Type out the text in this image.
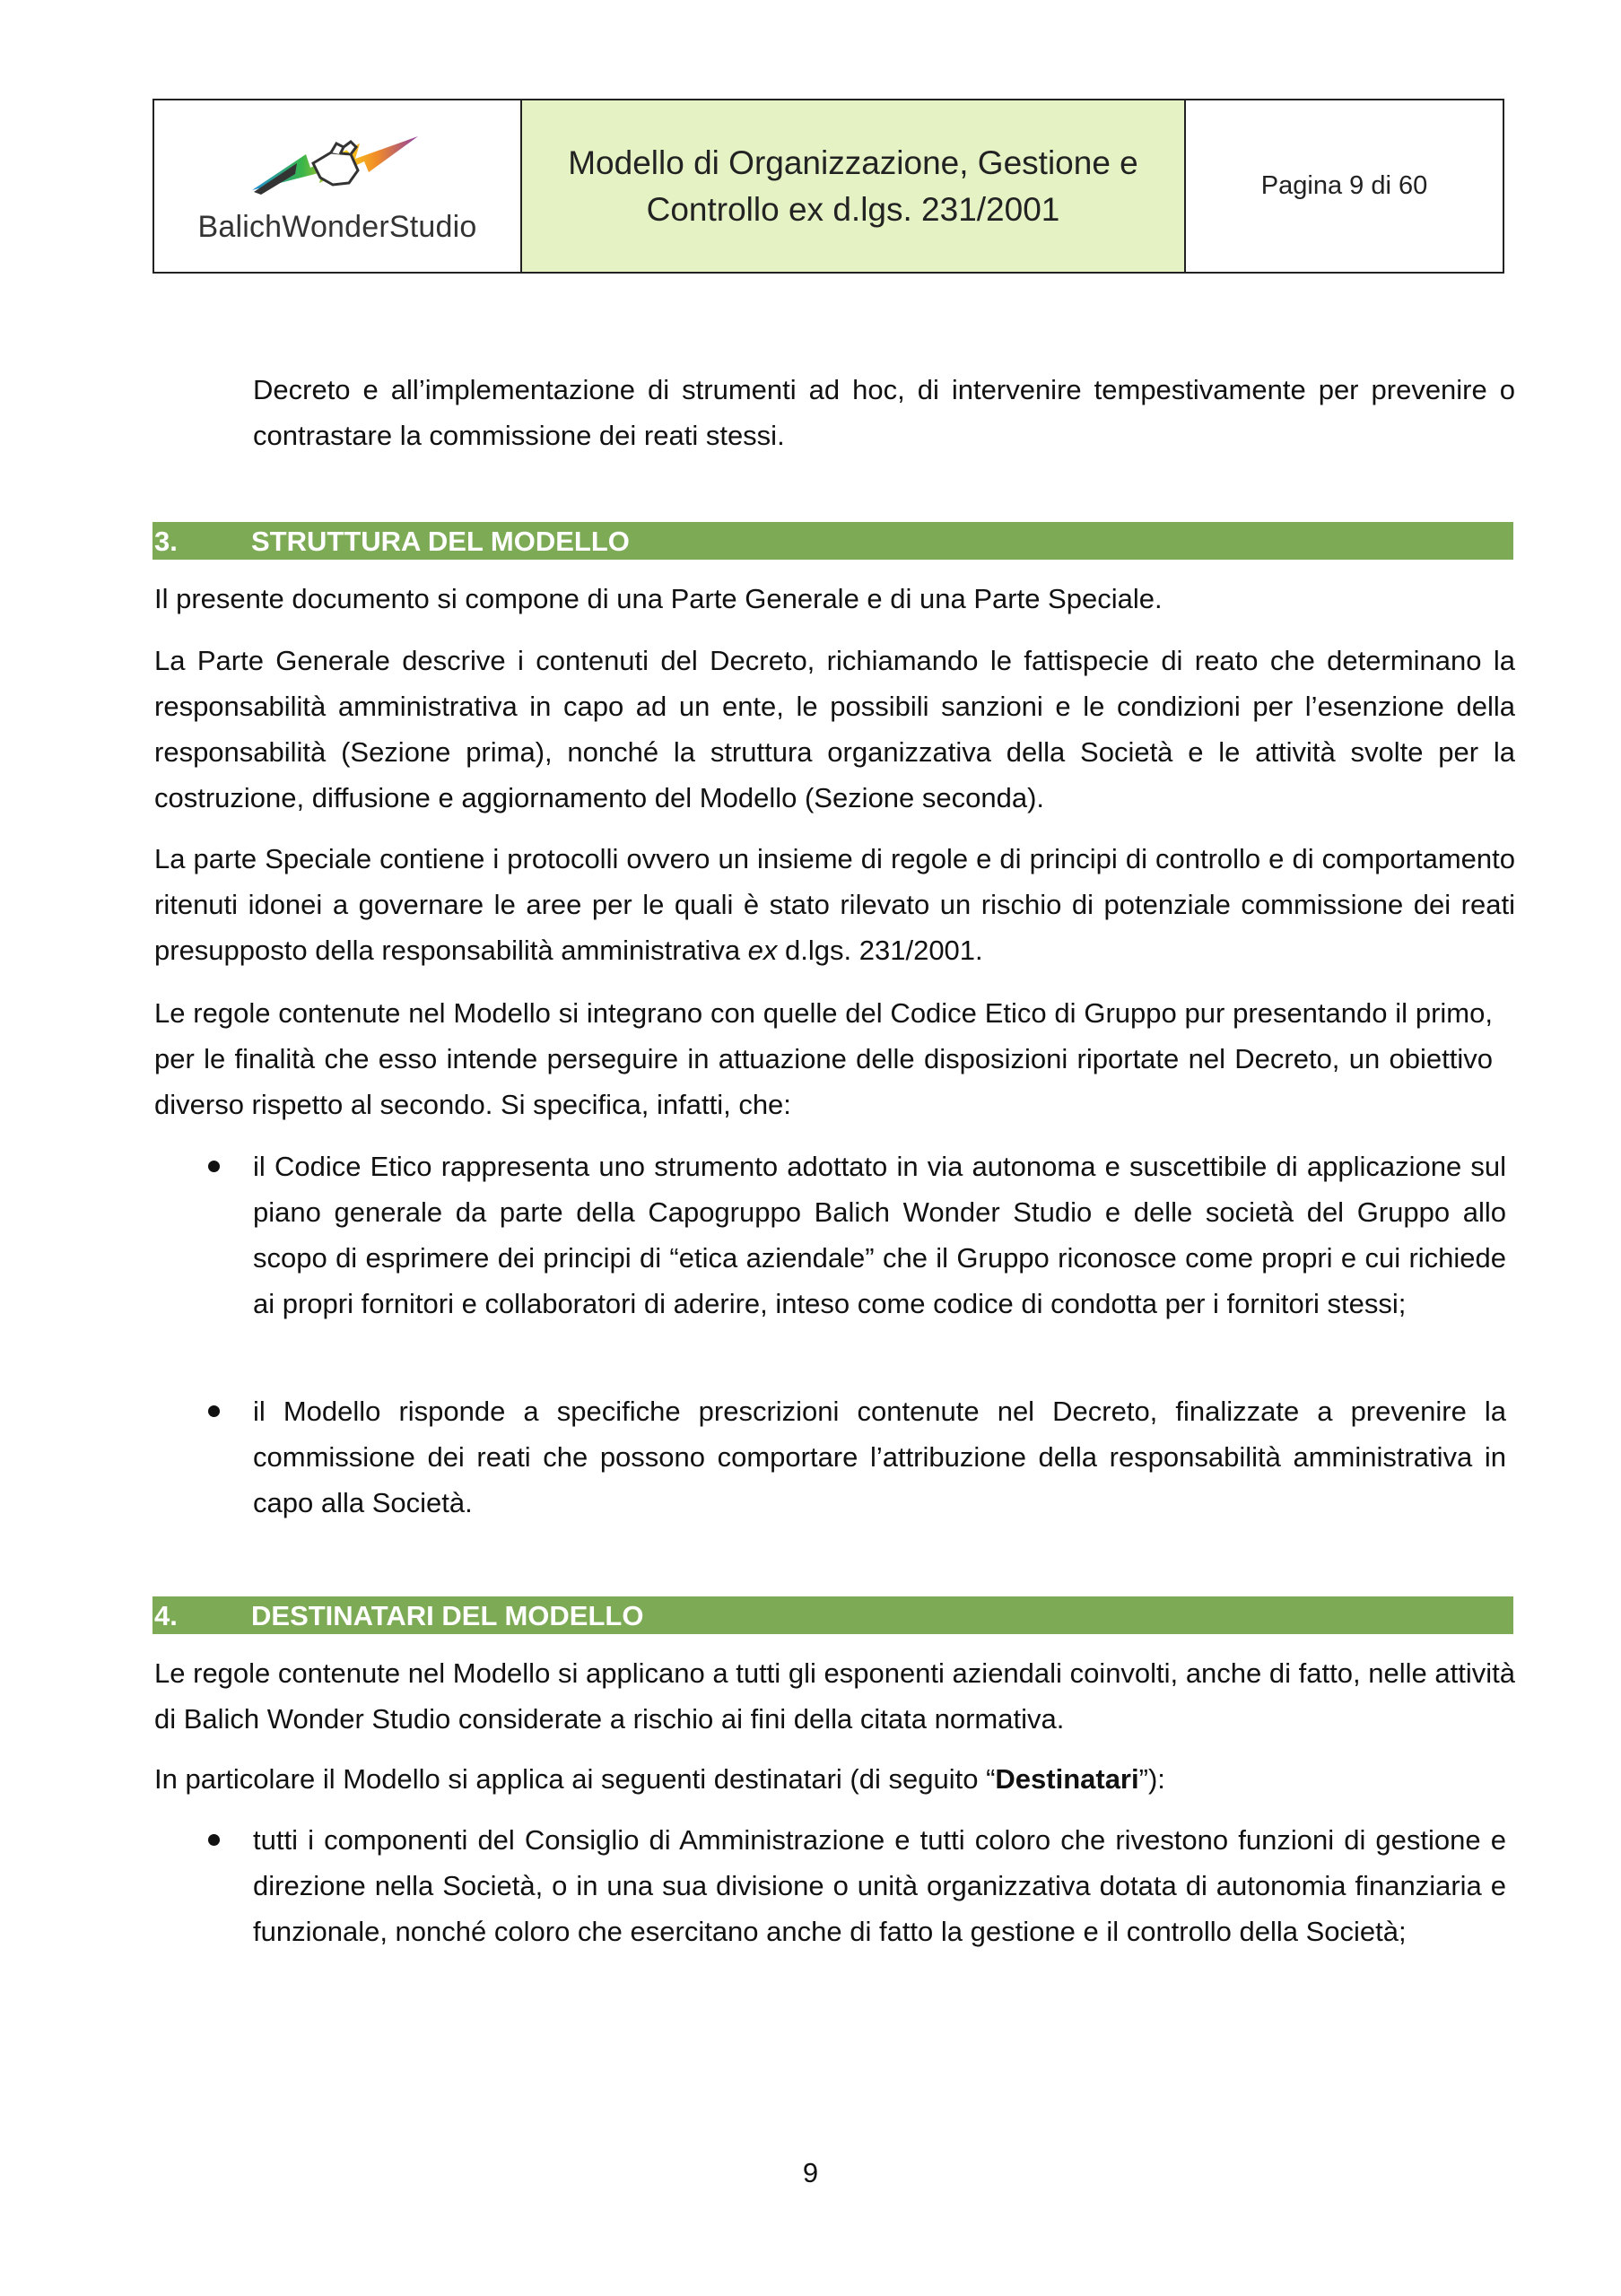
BalichWonderStudio
Modello di Organizzazione, Gestione e
Controllo ex d.lgs. 231/2001
Pagina 9 di 60

Decreto e all’implementazione di strumenti ad hoc, di intervenire tempestivamente per prevenire o contrastare la commissione dei reati stessi.

3.	STRUTTURA DEL MODELLO

Il presente documento si compone di una Parte Generale e di una Parte Speciale.

La Parte Generale descrive i contenuti del Decreto, richiamando le fattispecie di reato che determinano la responsabilità amministrativa in capo ad un ente, le possibili sanzioni e le condizioni per l’esenzione della responsabilità (Sezione prima), nonché la struttura organizzativa della Società e le attività svolte per la costruzione, diffusione e aggiornamento del Modello (Sezione seconda).

La parte Speciale contiene i protocolli ovvero un insieme di regole e di principi di controllo e di comportamento ritenuti idonei a governare le aree per le quali è stato rilevato un rischio di potenziale commissione dei reati presupposto della responsabilità amministrativa ex d.lgs. 231/2001.

Le regole contenute nel Modello si integrano con quelle del Codice Etico di Gruppo pur presentando il primo, per le finalità che esso intende perseguire in attuazione delle disposizioni riportate nel Decreto, un obiettivo diverso rispetto al secondo. Si specifica, infatti, che:

il Codice Etico rappresenta uno strumento adottato in via autonoma e suscettibile di applicazione sul piano generale da parte della Capogruppo Balich Wonder Studio e delle società del Gruppo allo scopo di esprimere dei principi di “etica aziendale” che il Gruppo riconosce come propri e cui richiede ai propri fornitori e collaboratori di aderire, inteso come codice di condotta per i fornitori stessi;

il Modello risponde a specifiche prescrizioni contenute nel Decreto, finalizzate a prevenire la commissione dei reati che possono comportare l’attribuzione della responsabilità amministrativa in capo alla Società.

4.	DESTINATARI DEL MODELLO

Le regole contenute nel Modello si applicano a tutti gli esponenti aziendali coinvolti, anche di fatto, nelle attività di Balich Wonder Studio considerate a rischio ai fini della citata normativa.

In particolare il Modello si applica ai seguenti destinatari (di seguito “Destinatari”):

tutti i componenti del Consiglio di Amministrazione e tutti coloro che rivestono funzioni di gestione e direzione nella Società, o in una sua divisione o unità organizzativa dotata di autonomia finanziaria e funzionale, nonché coloro che esercitano anche di fatto la gestione e il controllo della Società;

9
